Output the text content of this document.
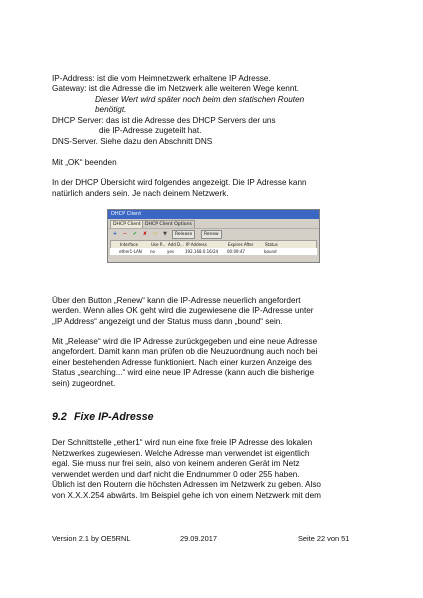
IP-Address: ist die vom Heimnetzwerk erhaltene IP Adresse.
Gateway: ist die Adresse die im Netzwerk alle weiteren Wege kennt.
Dieser Wert wird später noch beim den statischen Routen
benötigt.
DHCP Server: das ist die Adresse des DHCP Servers der uns
die IP-Adresse zugeteilt hat.
DNS-Server. Siehe dazu den Abschnitt DNS
Mit „OK“ beenden
In der DHCP Übersicht wird folgendes angezeigt. Die IP Adresse kann
natürlich anders sein. Je nach deinem Netzwerk.
DHCP Client
DHCP Client DHCP Client Options
+	−	✔	✘	▭	▼	Release	Renew
Interface	Use P... Add D... IP Address	Expires After	Status
ether1-LAN no	yes	192.168.0.16/24 00:09:47	bound
Über den Button „Renew“ kann die IP-Adresse neuerlich angefordert
werden. Wenn alles OK geht wird die zugewiesene die IP-Adresse unter
„IP Address“ angezeigt und der Status muss dann „bound“ sein.
Mit „Release“ wird die IP Adresse zurückgegeben und eine neue Adresse
angefordert. Damit kann man prüfen ob die Neuzuordnung auch noch bei
einer bestehenden Adresse funktioniert. Nach einer kurzen Anzeige des
Status „searching...“ wird eine neue IP Adresse (kann auch die bisherige
sein) zugeordnet.
9.2 Fixe IP-Adresse
Der Schnittstelle „ether1“ wird nun eine fixe freie IP Adresse des lokalen
Netzwerkes zugewiesen. Welche Adresse man verwendet ist eigentlich
egal. Sie muss nur frei sein, also von keinem anderen Gerät im Netz
verwendet werden und darf nicht die Endnummer 0 oder 255 haben.
Üblich ist den Routern die höchsten Adressen im Netzwerk zu geben. Also
von X.X.X.254 abwärts. Im Beispiel gehe ich von einem Netzwerk mit dem
Version 2.1 by OE5RNL	29.09.2017	Seite 22 von 51
